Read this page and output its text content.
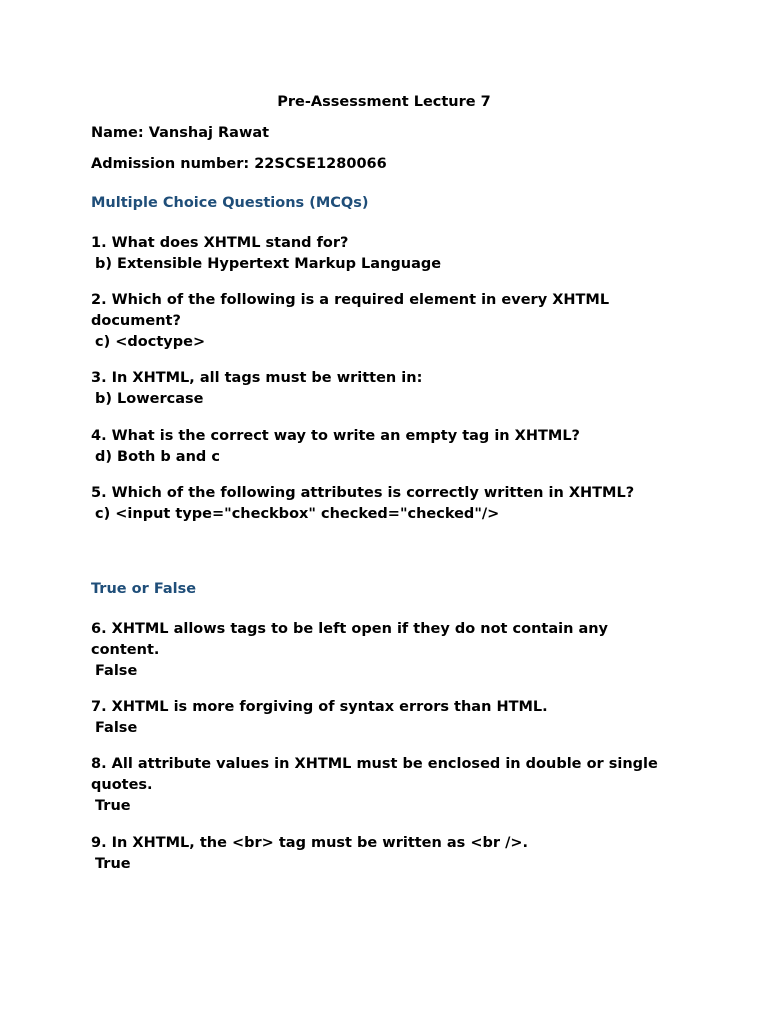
Pre-Assessment Lecture 7
Name: Vanshaj Rawat
Admission number: 22SCSE1280066
Multiple Choice Questions (MCQs)
1. What does XHTML stand for?
b) Extensible Hypertext Markup Language
2. Which of the following is a required element in every XHTML document?
c) <doctype>
3. In XHTML, all tags must be written in:
b) Lowercase
4. What is the correct way to write an empty tag in XHTML?
d) Both b and c
5. Which of the following attributes is correctly written in XHTML?
c) <input type="checkbox" checked="checked"/>
True or False
6. XHTML allows tags to be left open if they do not contain any content.
False
7. XHTML is more forgiving of syntax errors than HTML.
False
8. All attribute values in XHTML must be enclosed in double or single quotes.
True
9. In XHTML, the <br> tag must be written as <br />.
True
